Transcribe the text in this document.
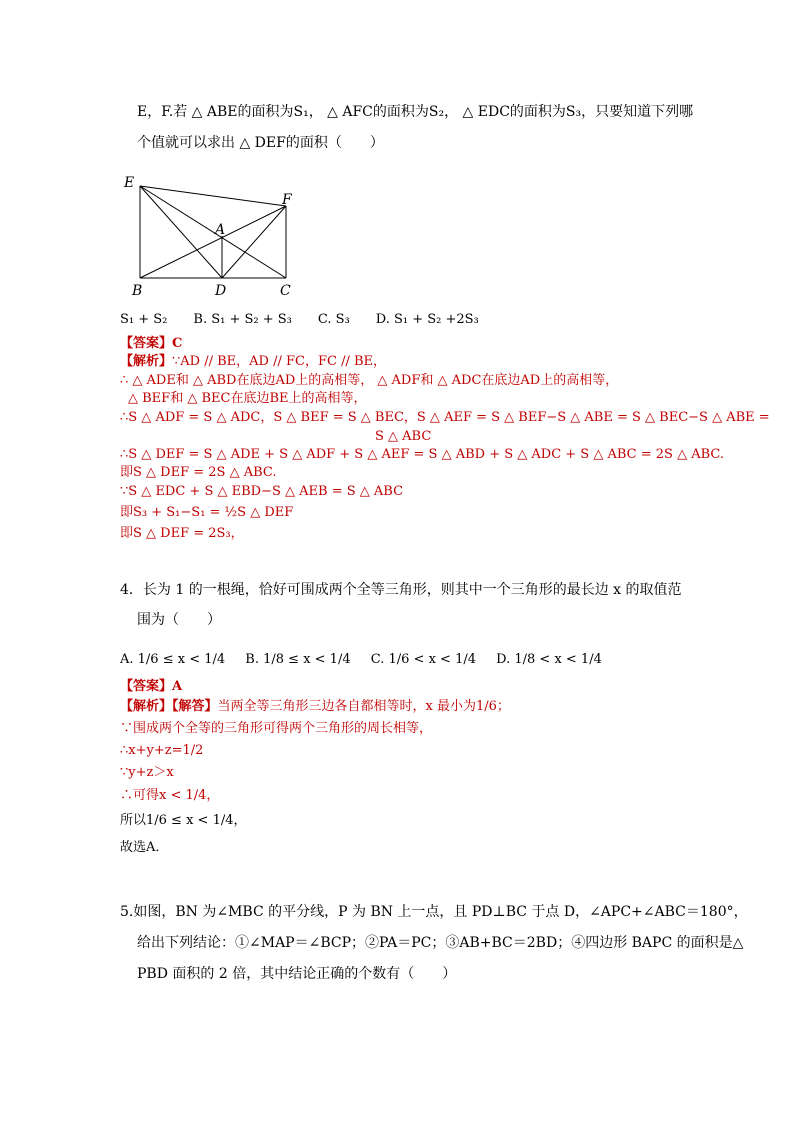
E，F.若 △ ABE的面积为S₁， △ AFC的面积为S₂， △ EDC的面积为S₃，只要知道下列哪
个值就可以求出 △ DEF的面积（　　）
E
F
A
B	D	C
S₁ + S₂　　B. S₁ + S₂ + S₃　　C. S₃　　D. S₁ + S₂ +2S₃
【答案】C
【解析】∵AD // BE，AD // FC，FC // BE，
∴ △ ADE和 △ ABD在底边AD上的高相等， △ ADF和 △ ADC在底边AD上的高相等，
△ BEF和 △ BEC在底边BE上的高相等，
∴S △ ADF = S △ ADC，S △ BEF = S △ BEC，S △ AEF = S △ BEF−S △ ABE = S △ BEC−S △ ABE =
S △ ABC
∴S △ DEF = S △ ADE + S △ ADF + S △ AEF = S △ ABD + S △ ADC + S △ ABC = 2S △ ABC.
即S △ DEF = 2S △ ABC.
∵S △ EDC + S △ EBD−S △ AEB = S △ ABC
即S₃ + S₁−S₁ = ½S △ DEF
即S △ DEF = 2S₃，
4．长为 1 的一根绳，恰好可围成两个全等三角形，则其中一个三角形的最长边 x 的取值范
围为（　　）
A. 1/6 ≤ x < 1/4 B. 1/8 ≤ x < 1/4 C. 1/6 < x < 1/4 D. 1/8 < x < 1/4
【答案】A
【解析】【解答】当两全等三角形三边各自都相等时，x 最小为1/6；
∵围成两个全等的三角形可得两个三角形的周长相等，
∴x+y+z=1/2
∵y+z＞x
∴可得x < 1/4，
所以1/6 ≤ x < 1/4，
故选A．
5.如图，BN 为∠MBC 的平分线，P 为 BN 上一点，且 PD⊥BC 于点 D，∠APC+∠ABC＝180°，
给出下列结论：①∠MAP＝∠BCP；②PA＝PC；③AB+BC＝2BD；④四边形 BAPC 的面积是△
PBD 面积的 2 倍，其中结论正确的个数有（　　）
